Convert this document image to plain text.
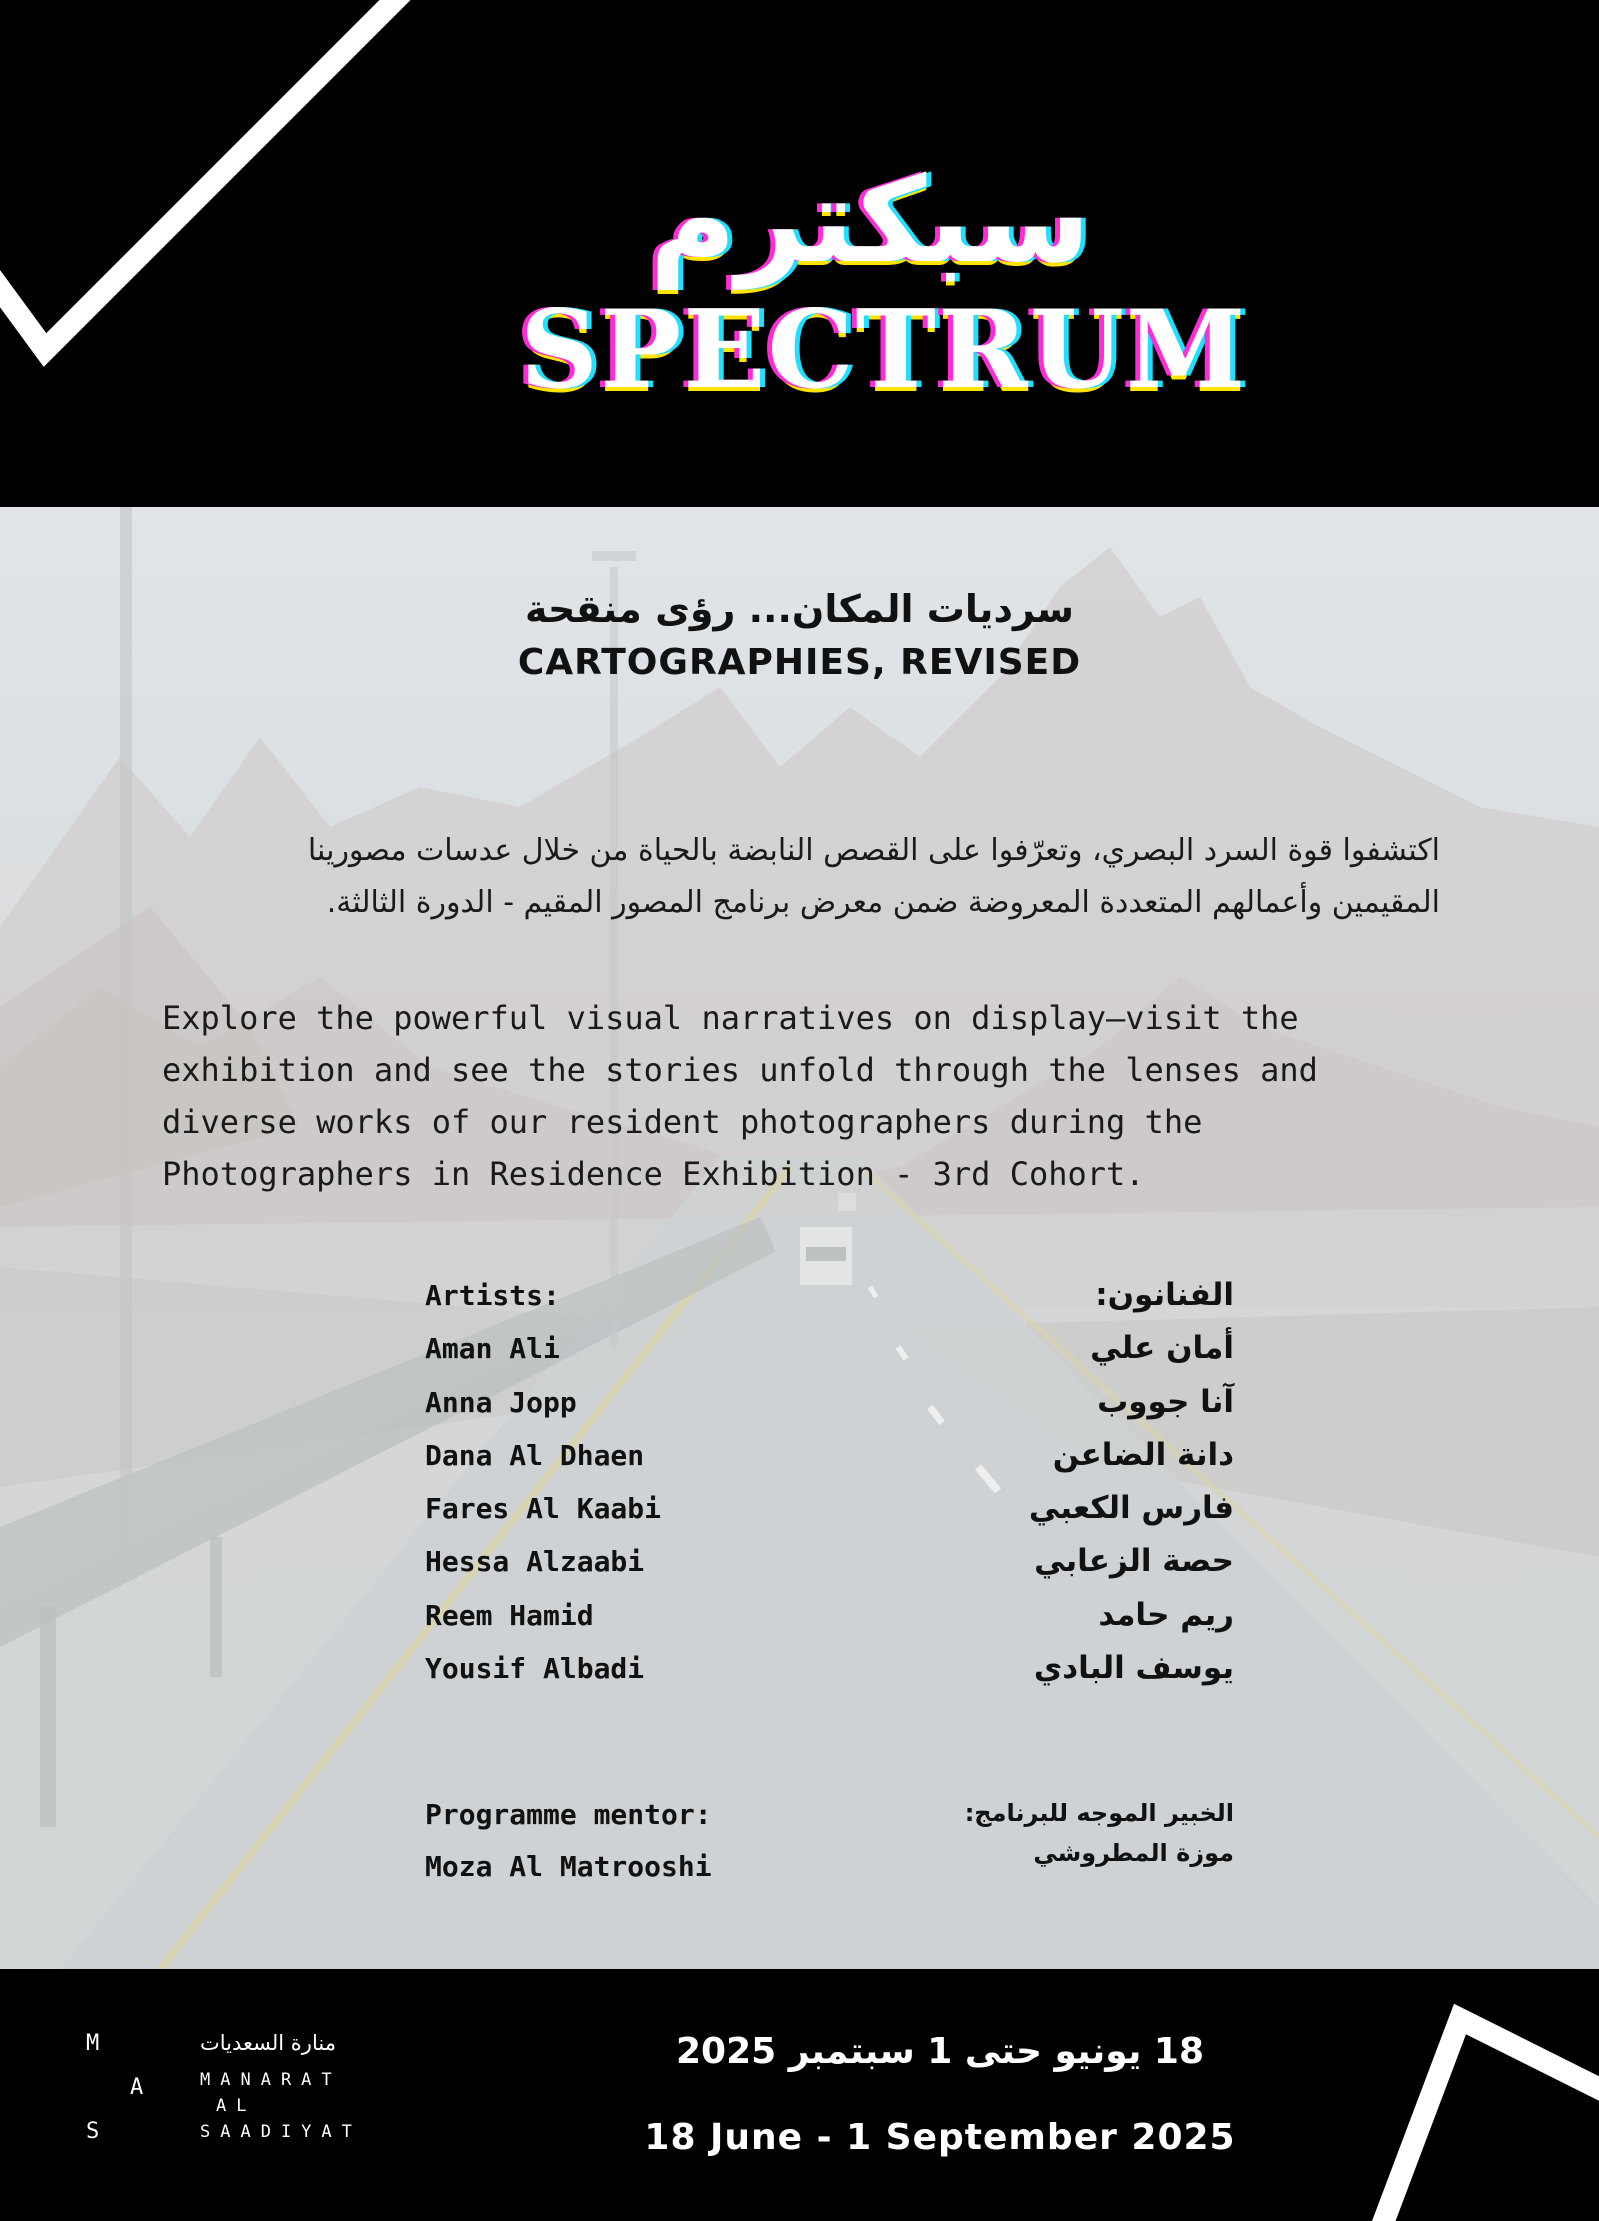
سبكترم
SPECTRUM
سرديات المكان... رؤى منقحة
CARTOGRAPHIES, REVISED
اكتشفوا قوة السرد البصري، وتعرّفوا على القصص النابضة بالحياة من خلال عدسات مصورينا
المقيمين وأعمالهم المتعددة المعروضة ضمن معرض برنامج المصور المقيم - الدورة الثالثة.
Explore the powerful visual narratives on display—visit the
exhibition and see the stories unfold through the lenses and
diverse works of our resident photographers during the
Photographers in Residence Exhibition - 3rd Cohort.
Artists:
Aman Ali
Anna Jopp
Dana Al Dhaen
Fares Al Kaabi
Hessa Alzaabi
Reem Hamid
Yousif Albadi
الفنانون:
أمان علي
آنا جووب
دانة الضاعن
فارس الكعبي
حصة الزعابي
ريم حامد
يوسف البادي
Programme mentor:
Moza Al Matrooshi
الخبير الموجه للبرنامج:
موزة المطروشي
M
A
S
منارة السعديات
MANARAT
AL
SAADIYAT
18 يونيو حتى 1 سبتمبر 2025
18 June - 1 September 2025
